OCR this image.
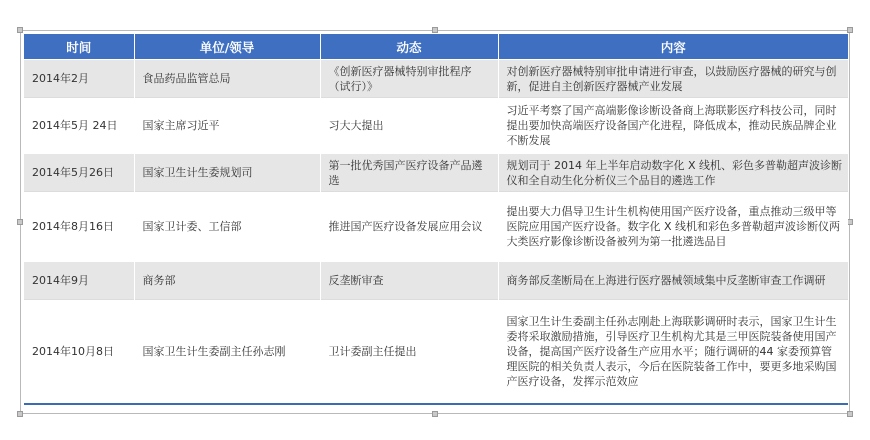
时间	单位/领导	动态	内容
2014年2月	食品药品监管总局	《创新医疗器械特别审批程序（试行）》	对创新医疗器械特别审批申请进行审查，以鼓励医疗器械的研究与创新，促进自主创新医疗器械产业发展
2014年5月 24日	国家主席习近平	习大大提出	习近平考察了国产高端影像诊断设备商上海联影医疗科技公司，同时提出要加快高端医疗设备国产化进程，降低成本，推动民族品牌企业不断发展
2014年5月26日	国家卫生计生委规划司	第一批优秀国产医疗设备产品遴选	规划司于 2014 年上半年启动数字化 X 线机、彩色多普勒超声波诊断仪和全自动生化分析仪三个品目的遴选工作
2014年8月16日	国家卫计委、工信部	推进国产医疗设备发展应用会议	提出要大力倡导卫生计生机构使用国产医疗设备，重点推动三级甲等医院应用国产医疗设备。数字化 X 线机和彩色多普勒超声波诊断仪两大类医疗影像诊断设备被列为第一批遴选品目
2014年9月	商务部	反垄断审查	商务部反垄断局在上海进行医疗器械领域集中反垄断审查工作调研
2014年10月8日	国家卫生计生委副主任孙志刚	卫计委副主任提出	国家卫生计生委副主任孙志刚赴上海联影调研时表示，国家卫生计生委将采取激励措施，引导医疗卫生机构尤其是三甲医院装备使用国产设备，提高国产医疗设备生产应用水平；随行调研的44 家委预算管理医院的相关负责人表示，今后在医院装备工作中，要更多地采购国产医疗设备，发挥示范效应
